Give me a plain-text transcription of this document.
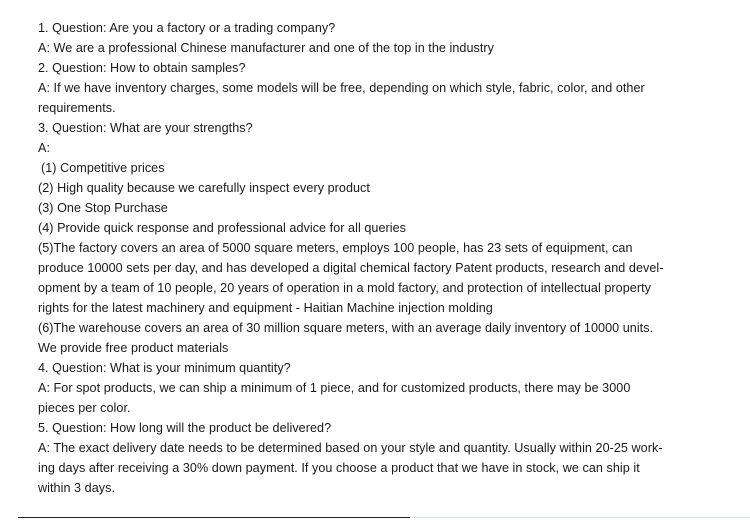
1. Question: Are you a factory or a trading company?
A: We are a professional Chinese manufacturer and one of the top in the industry
2. Question: How to obtain samples?
A: If we have inventory charges, some models will be free, depending on which style, fabric, color, and other
requirements.
3. Question: What are your strengths?
A:
(1) Competitive prices
(2) High quality because we carefully inspect every product
(3) One Stop Purchase
(4) Provide quick response and professional advice for all queries
(5)The factory covers an area of 5000 square meters, employs 100 people, has 23 sets of equipment, can
produce 10000 sets per day, and has developed a digital chemical factory Patent products, research and devel-
opment by a team of 10 people, 20 years of operation in a mold factory, and protection of intellectual property
rights for the latest machinery and equipment - Haitian Machine injection molding
(6)The warehouse covers an area of 30 million square meters, with an average daily inventory of 10000 units.
We provide free product materials
4. Question: What is your minimum quantity?
A: For spot products, we can ship a minimum of 1 piece, and for customized products, there may be 3000
pieces per color.
5. Question: How long will the product be delivered?
A: The exact delivery date needs to be determined based on your style and quantity. Usually within 20-25 work-
ing days after receiving a 30% down payment. If you choose a product that we have in stock, we can ship it
within 3 days.
